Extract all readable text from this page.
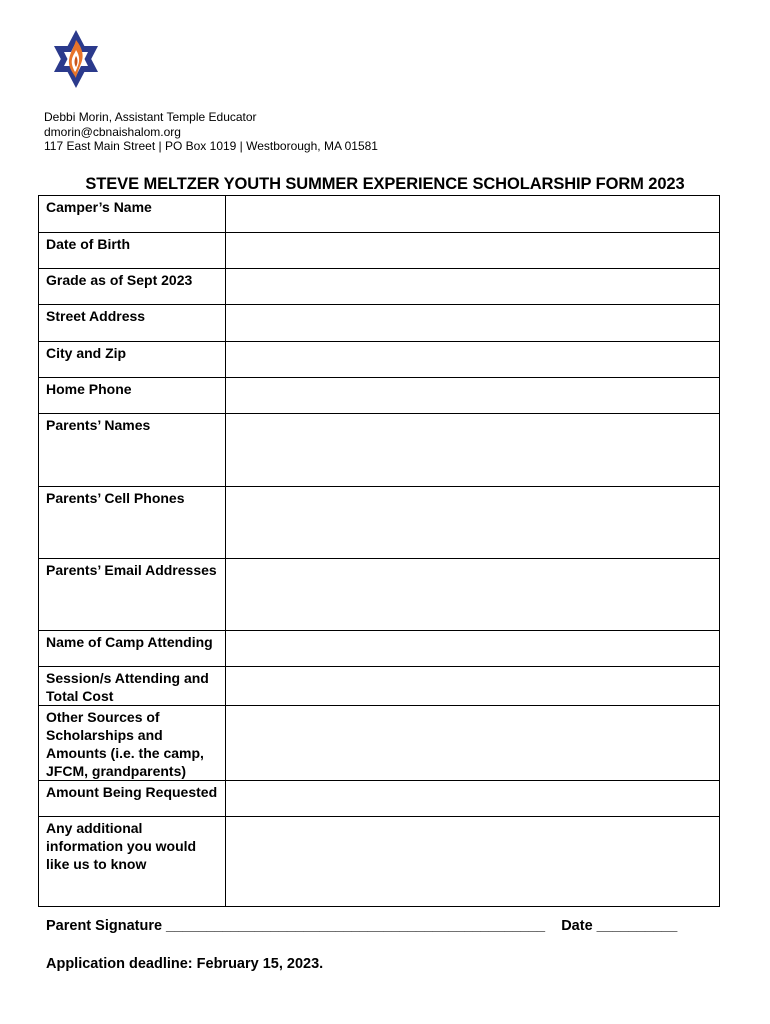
Debbi Morin, Assistant Temple Educator
dmorin@cbnaishalom.org
117 East Main Street | PO Box 1019 | Westborough, MA 01581
STEVE MELTZER YOUTH SUMMER EXPERIENCE SCHOLARSHIP FORM 2023
Camper’s Name	
Date of Birth	
Grade as of Sept 2023	
Street Address	
City and Zip	
Home Phone	
Parents’ Names	
Parents’ Cell Phones	
Parents’ Email Addresses	
Name of Camp Attending	
Session/s Attending and Total Cost	
Other Sources of Scholarships and Amounts (i.e. the camp, JFCM, grandparents)	
Amount Being Requested	
Any additional information you would like us to know	
Parent Signature _______________________________________________ Date __________
Application deadline: February 15, 2023.
